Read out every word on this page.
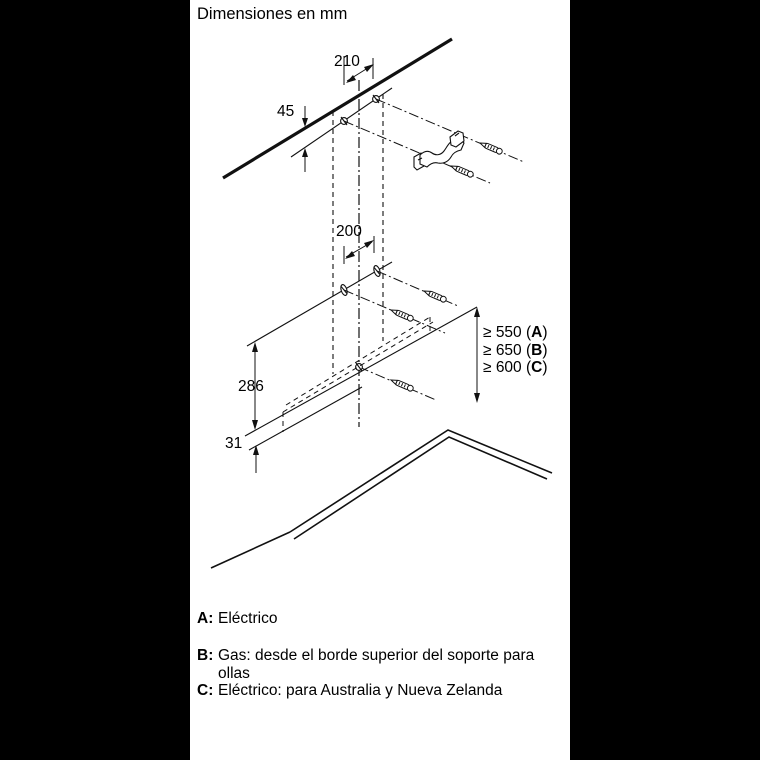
Dimensiones en mm
210
45
200
286
31
≥ 550 (A)
≥ 650 (B)
≥ 600 (C)
A: Eléctrico
B: Gas: desde el borde superior del soporte para ollas
C: Eléctrico: para Australia y Nueva Zelanda
